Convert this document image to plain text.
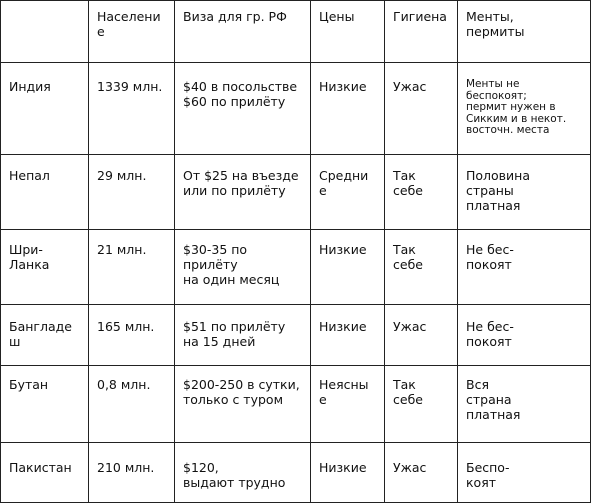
	Населени
е	Виза для гр. РФ	Цены	Гигиена	Менты,
пермиты
Индия	1339 млн.	$40 в посольстве
$60 по прилёту	Низкие	Ужас	Менты не
беспокоят;
пермит нужен в
Сикким и в некот.
восточн. места
Непал	29 млн.	От $25 на въезде
или по прилёту	Средни
е	Так
себе	Половина
страны
платная
Шри-
Ланка	21 млн.	$30-35 по
прилёту
на один месяц	Низкие	Так
себе	Не бес-
покоят
Бангладе
ш	165 млн.	$51 по прилёту
на 15 дней	Низкие	Ужас	Не бес-
покоят
Бутан	0,8 млн.	$200-250 в сутки,
только с туром	Неясны
е	Так
себе	Вся
страна
платная
Пакистан	210 млн.	$120,
выдают трудно	Низкие	Ужас	Беспо-
коят
